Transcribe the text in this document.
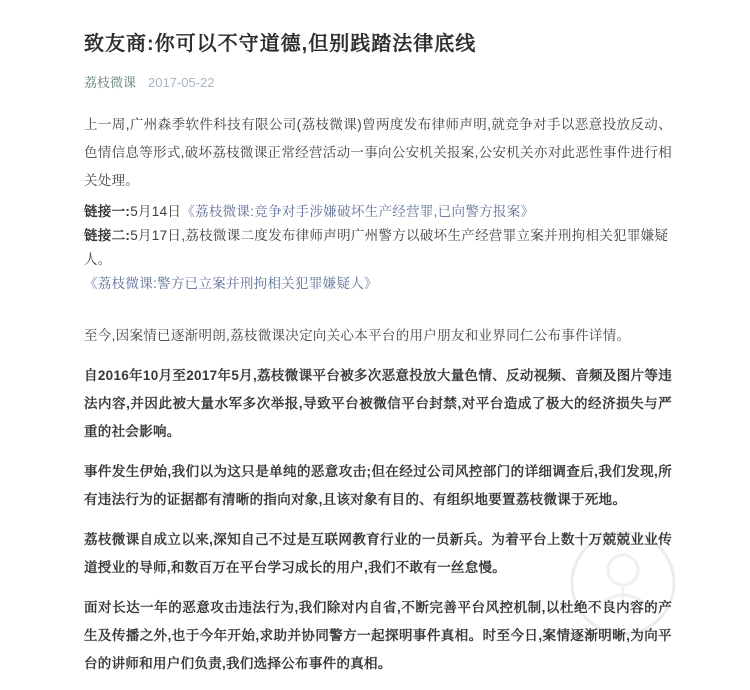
致友商:你可以不守道德,但别践踏法律底线
荔枝微课 2017-05-22

上一周,广州森季软件科技有限公司(荔枝微课)曾两度发布律师声明,就竞争对手以恶意投放反动、色情信息等形式,破坏荔枝微课正常经营活动一事向公安机关报案,公安机关亦对此恶性事件进行相关处理。

链接一:5月14日《荔枝微课:竞争对手涉嫌破坏生产经营罪,已向警方报案》

链接二:5月17日,荔枝微课二度发布律师声明广州警方以破坏生产经营罪立案并刑拘相关犯罪嫌疑人。

《荔枝微课:警方已立案并刑拘相关犯罪嫌疑人》

至今,因案情已逐渐明朗,荔枝微课决定向关心本平台的用户朋友和业界同仁公布事件详情。

自2016年10月至2017年5月,荔枝微课平台被多次恶意投放大量色情、反动视频、音频及图片等违法内容,并因此被大量水军多次举报,导致平台被微信平台封禁,对平台造成了极大的经济损失与严重的社会影响。

事件发生伊始,我们以为这只是单纯的恶意攻击;但在经过公司风控部门的详细调查后,我们发现,所有违法行为的证据都有清晰的指向对象,且该对象有目的、有组织地要置荔枝微课于死地。

荔枝微课自成立以来,深知自己不过是互联网教育行业的一员新兵。为着平台上数十万兢兢业业传道授业的导师,和数百万在平台学习成长的用户,我们不敢有一丝怠慢。

面对长达一年的恶意攻击违法行为,我们除对内自省,不断完善平台风控机制,以杜绝不良内容的产生及传播之外,也于今年开始,求助并协同警方一起探明事件真相。时至今日,案情逐渐明晰,为向平台的讲师和用户们负责,我们选择公布事件的真相。
